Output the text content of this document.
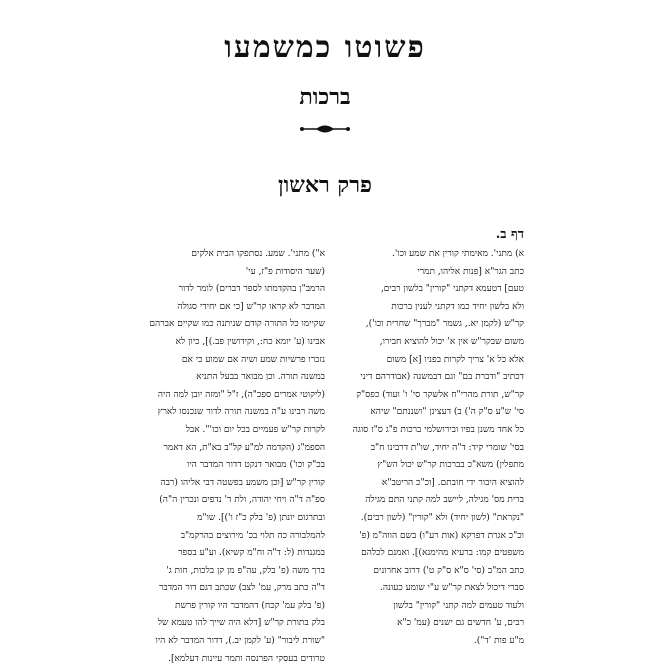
פשוטו כמשמעו
ברכות
פרק ראשון
דף ב.
א) מתני'. מאימתי קורין את שמע וכו'.
כתב הגר"א [פנות אליהו, תמרי
טעם] דטעמא דקתני "קורין" בלשון רבים,
ולא בלשון יחיד כמו דקתני לענין ברכות
קר"ש (לקמן יא., גשמר "מברך" שחרית וכו'),
משום שבקר"ש אין א' יכול להוציא חבירו,
אלא כל א' צריך לקרות בפניו [א] משום
דכתיב "ודברת בם" וגם דבמשנה (אבודרהם דיני
קר"ש, תורת מהרי"ח אלשקר סי' ו' ועוד) כפס"ק
סי' ש"ע ס"ק ה') ב) דעצינן "ושננתם" שיהא
כל אחד משנן בפיו ובירושלמי ברכות פ"ג ס"ז סוגה
בסי' שומרי קיד: ד"ה יחיד, שו"ת דרבינו ח"ב
מתפלין) משא"כ בברכות קר"ש יכול הש"ץ
להוציא היבור ידי חובתם. [וכ"כ הריטב"א
ברית מס' מגילה, ליישב למה קתני התם מגילה
"נקראת" (לשון יחיד) ולא "קורין" (לשון רבים).
וכ"כ אגרת דפרקא (אות רע"ו) בשם הווה"מ (פ'
משפטים קמו: ברעיא מהימנא)]. ואמנם לכלהם
כתב המ"ב (סי' ס"א ס"ק ט') דרוב אחרונים
סברי דיכול לצאת קר"ש ע"י שומע כעונה.
ולעוד טעמים למה קתני "קורין" בלשון
רבים, ע' חדשים גם ישנים (עמ' כ"א
מ"ע פות 'ד").
א") מתני'. שמע. נסתפקו הבית אלקים
(שער היסודות פ"ז, עי'
הרמב"ן בהקדמתו לספר דברים) לומר לדור
המדבר לא קראו קר"ש [כי אם יחידי סגולה
שקיימו כל התורה קודם שניתנה כמו שקיים אברהם
אבינו (ע' יומא כח:, וקידושין פב.)], כיון לא
נזכרו פרשיות שמע ושיה אם שמוע כי אם
במשנה תורה. וכן מבואר בבעל התניא
(ליקוטי אמרים ספכ"ה), ז"ל "ומזה יובן למה היה
משה רבינו ע"ה במשנה תורה לדור שנכנסו לארץ
לקרות קר"ש פעמיים בכל יום וכו'". אבל
הספמ"ג (הקדמה למ"ע קל"ב בא"ת, הא דאמר
בכ"ק וכו') מבואר דנקט דדור המדבר היו
קורין קר"ש [וכן משמע בפשטה דבי אליהו (רבה
ספ"ה ד"ה ויחי יהודה, ולת ד' נדפים ונכרין ה"ה)
ובתרגום יונתן (פ' בלק כ"ז ו')]. שו"מ
להמלבורה כה תלוי בכ' מירוצים בהרקמ"ב
במגנדות (ל: ד"ה וח"מ קשיא). וע"ע בספר
ברך משה (פ' בלק, עה"פ מן קן בלכות, חות ג'
ד"ה כתב מרק, עמ' לצב) שכתב דגם דור המדבר
(פ' בלק עמ' קכח) דהמדבר היו קורין פרשת
בלק בתורת קר"ש [דלא היה שייך להו טעמא של
"שורת ליבור" (ע' לקמן יב.), דדור המדבר לא היו
טרודים בעסקי הפרנסה ותמר עיינות דעלמא].
